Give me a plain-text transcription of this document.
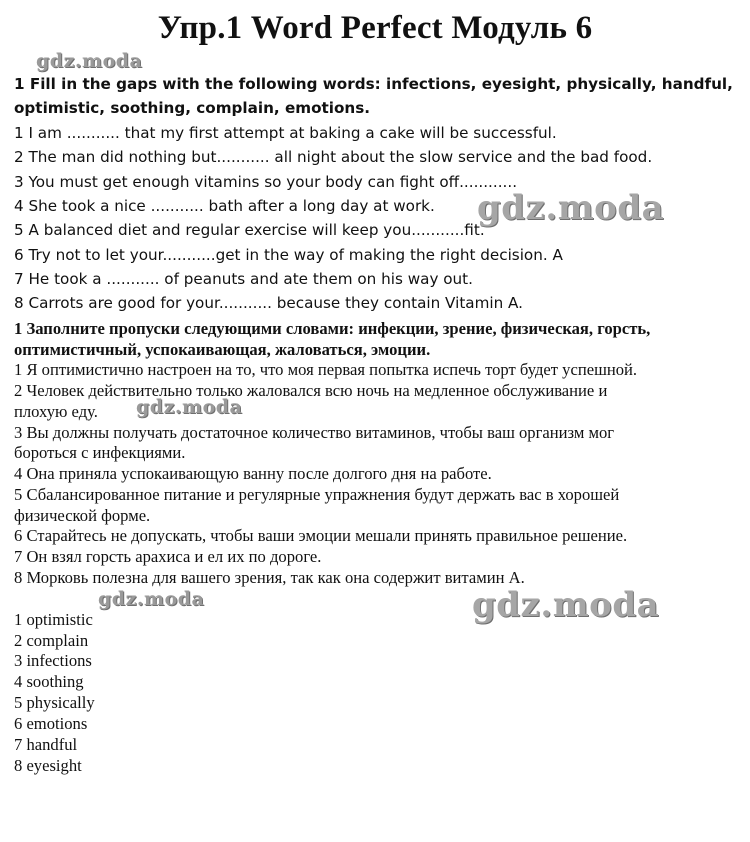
Упр.1 Word Perfect Модуль 6
gdz.moda
gdz.moda
gdz.moda
gdz.moda	gdz.moda
1 Fill in the gaps with the following words: infections, eyesight, physically, handful,
optimistic, soothing, complain, emotions.
1 I am ........... that my first attempt at baking a cake will be successful.
2 The man did nothing but........... all night about the slow service and the bad food.
3 You must get enough vitamins so your body can fight off............
4 She took a nice ........... bath after a long day at work.
5 A balanced diet and regular exercise will keep you...........fit.
6 Try not to let your...........get in the way of making the right decision. A
7 He took a ........... of peanuts and ate them on his way out.
8 Carrots are good for your........... because they contain Vitamin A.
1 Заполните пропуски следующими словами: инфекции, зрение, физическая, горсть,
оптимистичный, успокаивающая, жаловаться, эмоции.
1 Я оптимистично настроен на то, что моя первая попытка испечь торт будет успешной.
2 Человек действительно только жаловался всю ночь на медленное обслуживание и
плохую еду.
3 Вы должны получать достаточное количество витаминов, чтобы ваш организм мог
бороться с инфекциями.
4 Она приняла успокаивающую ванну после долгого дня на работе.
5 Сбалансированное питание и регулярные упражнения будут держать вас в хорошей
физической форме.
6 Старайтесь не допускать, чтобы ваши эмоции мешали принять правильное решение.
7 Он взял горсть арахиса и ел их по дороге.
8 Морковь полезна для вашего зрения, так как она содержит витамин А.
1 optimistic
2 complain
3 infections
4 soothing
5 physically
6 emotions
7 handful
8 eyesight
